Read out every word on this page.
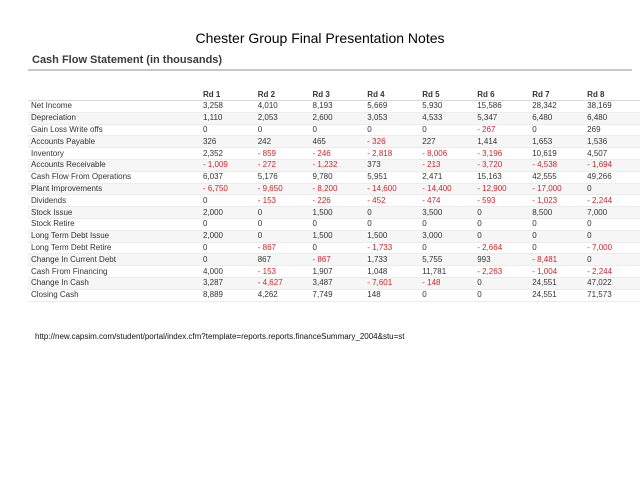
Chester Group Final Presentation Notes
Cash Flow Statement (in thousands)
	Rd 1	Rd 2	Rd 3	Rd 4	Rd 5	Rd 6	Rd 7	Rd 8
Net Income	3,258	4,010	8,193	5,669	5,930	15,586	28,342	38,169
Depreciation	1,110	2,053	2,600	3,053	4,533	5,347	6,480	6,480
Gain Loss Write offs	0	0	0	0	0	- 267	0	269
Accounts Payable	326	242	465	- 326	227	1,414	1,653	1,536
Inventory	2,352	- 859	- 246	- 2,818	- 8,006	- 3,196	10,619	4,507
Accounts Receivable	- 1,009	- 272	- 1,232	373	- 213	- 3,720	- 4,538	- 1,694
Cash Flow From Operations	6,037	5,176	9,780	5,951	2,471	15,163	42,555	49,266
Plant Improvements	- 6,750	- 9,650	- 8,200	- 14,600	- 14,400	- 12,900	- 17,000	0
Dividends	0	- 153	- 226	- 452	- 474	- 593	- 1,023	- 2,244
Stock Issue	2,000	0	1,500	0	3,500	0	8,500	7,000
Stock Retire	0	0	0	0	0	0	0	0
Long Term Debt Issue	2,000	0	1,500	1,500	3,000	0	0	0
Long Term Debt Retire	0	- 867	0	- 1,733	0	- 2,664	0	- 7,000
Change In Current Debt	0	867	- 867	1,733	5,755	993	- 8,481	0
Cash From Financing	4,000	- 153	1,907	1,048	11,781	- 2,263	- 1,004	- 2,244
Change In Cash	3,287	- 4,627	3,487	- 7,601	- 148	0	24,551	47,022
Closing Cash	8,889	4,262	7,749	148	0	0	24,551	71,573
http://new.capsim.com/student/portal/index.cfm?template=reports.reports.financeSummary_2004&stu=st
